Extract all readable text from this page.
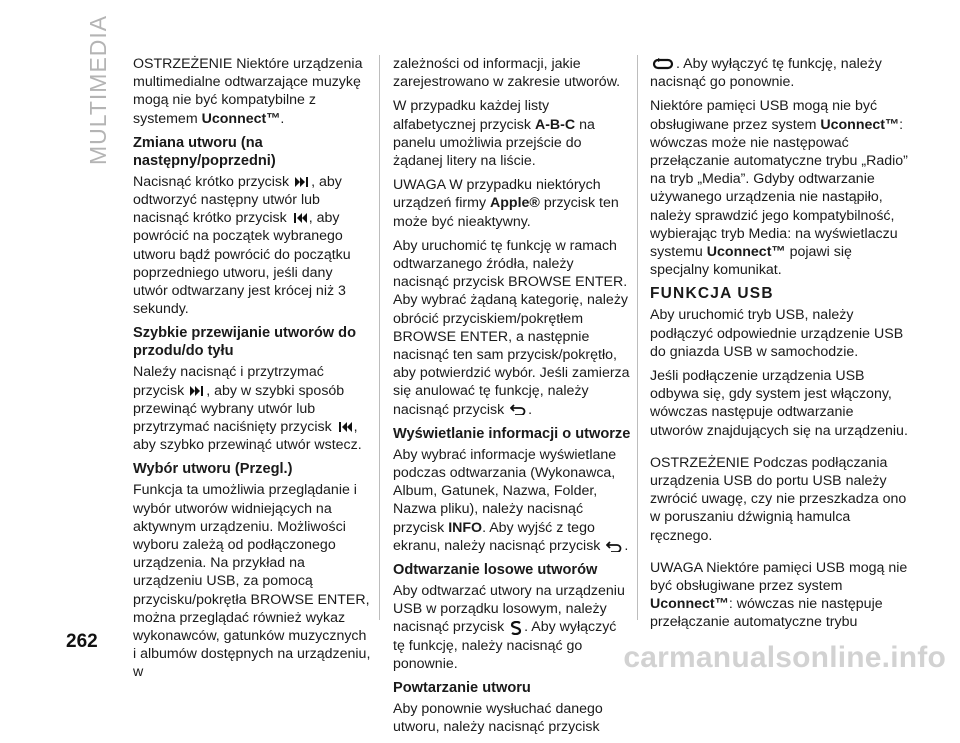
MULTIMEDIA OSTRZEŻENIE Niektóre urządzenia multimedialne odtwarzające muzykę mogą nie być kompatybilne z systemem Uconnect™.

Zmiana utworu (na następny/poprzedni)

Nacisnąć krótko przycisk , aby odtworzyć następny utwór lub nacisnąć krótko przycisk , aby powrócić na początek wybranego utworu bądź powrócić do początku poprzedniego utworu, jeśli dany utwór odtwarzany jest krócej niż 3 sekundy.

Szybkie przewijanie utworów do przodu/do tyłu

Naleźy nacisnąć i przytrzymać przycisk , aby w szybki sposób przewinąć wybrany utwór lub przytrzymać naciśnięty przycisk , aby szybko przewinąć utwór wstecz.

Wybór utworu (Przegl.)

Funkcja ta umożliwia przeglądanie i wybór utworów widniejących na aktywnym urządzeniu. Możliwości wyboru zależą od podłączonego urządzenia. Na przykład na urządzeniu USB, za pomocą przycisku/pokrętła BROWSE ENTER, można przeglądać również wykaz wykonawców, gatunków muzycznych i albumów dostępnych na urządzeniu, w

zależności od informacji, jakie zarejestrowano w zakresie utworów.

W przypadku każdej listy alfabetycznej przycisk A-B-C na panelu umożliwia przejście do żądanej litery na liście.

UWAGA W przypadku niektórych urządzeń firmy Apple® przycisk ten może być nieaktywny.

Aby uruchomić tę funkcję w ramach odtwarzanego źródła, należy nacisnąć przycisk BROWSE ENTER. Aby wybrać żądaną kategorię, należy obrócić przyciskiem/pokrętłem BROWSE ENTER, a następnie nacisnąć ten sam przycisk/pokrętło, aby potwierdzić wybór. Jeśli zamierza się anulować tę funkcję, należy nacisnąć przycisk .

Wyświetlanie informacji o utworze

Aby wybrać informacje wyświetlane podczas odtwarzania (Wykonawca, Album, Gatunek, Nazwa, Folder, Nazwa pliku), należy nacisnąć przycisk INFO. Aby wyjść z tego ekranu, należy nacisnąć przycisk .

Odtwarzanie losowe utworów

Aby odtwarzać utwory na urządzeniu USB w porządku losowym, należy nacisnąć przycisk . Aby wyłączyć tę funkcję, należy nacisnąć go ponownie.

Powtarzanie utworu

Aby ponownie wysłuchać danego utworu, należy nacisnąć przycisk

. Aby wyłączyć tę funkcję, należy nacisnąć go ponownie.

Niektóre pamięci USB mogą nie być obsługiwane przez system Uconnect™: wówczas może nie następować przełączanie automatyczne trybu „Radio” na tryb „Media”. Gdyby odtwarzanie używanego urządzenia nie nastąpiło, należy sprawdzić jego kompatybilność, wybierając tryb Media: na wyświetlaczu systemu Uconnect™ pojawi się specjalny komunikat.

FUNKCJA USB

Aby uruchomić tryb USB, należy podłączyć odpowiednie urządzenie USB do gniazda USB w samochodzie.

Jeśli podłączenie urządzenia USB odbywa się, gdy system jest włączony, wówczas następuje odtwarzanie utworów znajdujących się na urządzeniu.

OSTRZEŻENIE Podczas podłączania urządzenia USB do portu USB należy zwrócić uwagę, czy nie przeszkadza ono w poruszaniu dźwignią hamulca ręcznego.

UWAGA Niektóre pamięci USB mogą nie być obsługiwane przez system Uconnect™: wówczas nie następuje przełączanie automatyczne trybu

262	carmanualsonline.info
